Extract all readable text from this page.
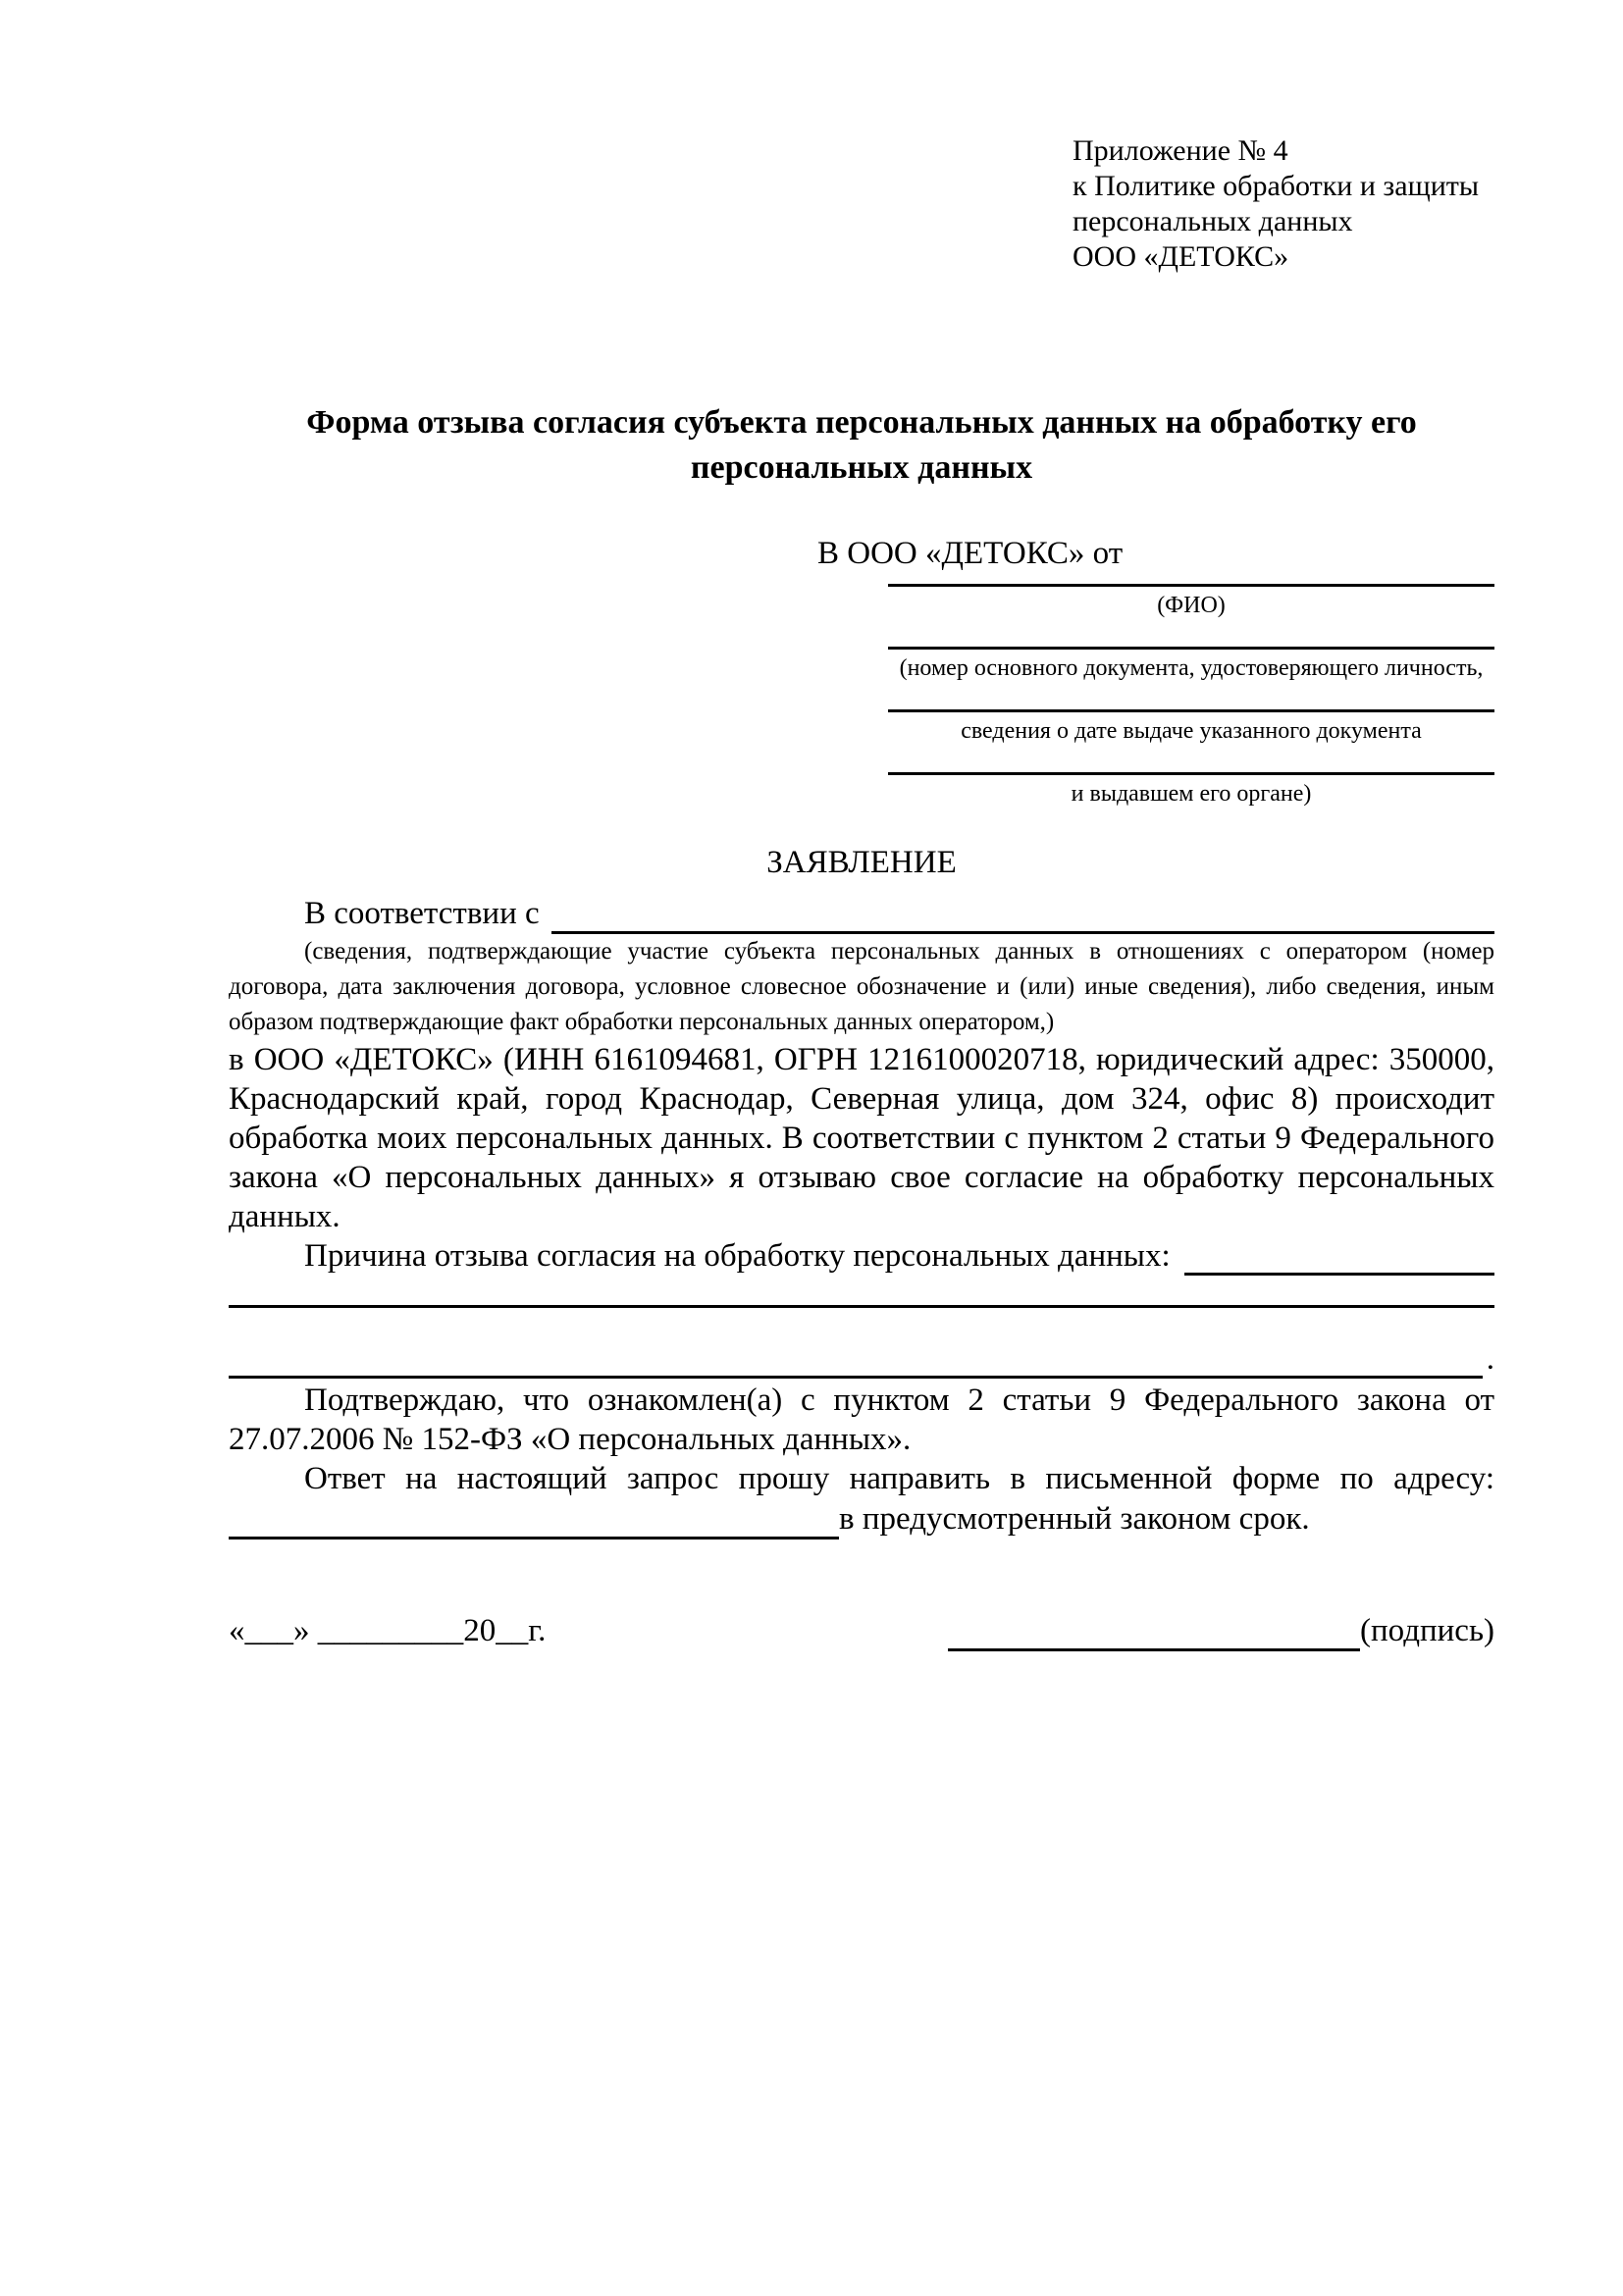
Приложение № 4
к Политике обработки и защиты
персональных данных
ООО «ДЕТОКС»
Форма отзыва согласия субъекта персональных данных на обработку его персональных данных
В ООО «ДЕТОКС» от
(ФИО)
(номер основного документа, удостоверяющего личность,
сведения о дате выдаче указанного документа
и выдавшем его органе)
ЗАЯВЛЕНИЕ
В соответствии с
(сведения, подтверждающие участие субъекта персональных данных в отношениях с оператором (номер договора, дата заключения договора, условное словесное обозначение и (или) иные сведения), либо сведения, иным образом подтверждающие факт обработки персональных данных оператором,)
в ООО «ДЕТОКС» (ИНН 6161094681, ОГРН 1216100020718, юридический адрес: 350000, Краснодарский край, город Краснодар, Северная улица, дом 324, офис 8) происходит обработка моих персональных данных. В соответствии с пунктом 2 статьи 9 Федерального закона «О персональных данных» я отзываю свое согласие на обработку персональных данных.
Причина отзыва согласия на обработку персональных данных:
.
Подтверждаю, что ознакомлен(а) с пунктом 2 статьи 9 Федерального закона от 27.07.2006 № 152-ФЗ «О персональных данных».
Ответ на настоящий запрос прошу направить в письменной форме по адресу:
в предусмотренный законом срок.
«___» _________20__г.	(подпись)
